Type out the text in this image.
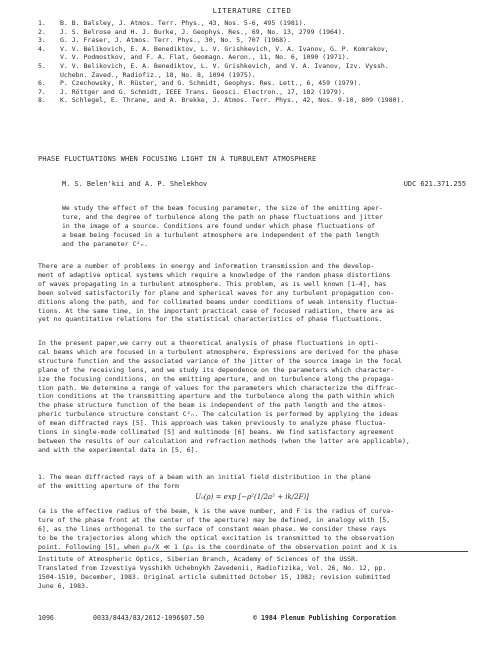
LITERATURE CITED
1. B. B. Balsley, J. Atmos. Terr. Phys., 43, Nos. 5-6, 495 (1981).
2. J. S. Belrose and H. J. Burke, J. Geophys. Res., 69, No. 13, 2799 (1964).
3. G. J. Fraser, J. Atmos. Terr. Phys., 30, No. 5, 707 (1968).
4. V. V. Belikovich, E. A. Benediktov, L. V. Grishkevich, V. A. Ivanov, G. P. Komrakov,
V. V. Podmostkov, and F. A. Flat, Geomagn. Aeron., 11, No. 6, 1090 (1971).
5. V. V. Belikovich, E. A. Benediktov, L. V. Grishkevich, and V. A. Ivanov, Izv. Vyssh.
Uchebn. Zaved., Radiofiz., 18, No. 8, 1094 (1975).
6. P. Czechowsky, R. Rüster, and G. Schmidt, Geophys. Res. Lett., 6, 459 (1979).
7. J. Röttger and G. Schmidt, IEEE Trans. Geosci. Electron., 17, 182 (1979).
8. K. Schlegel, E. Thrane, and A. Brekke, J. Atmos. Terr. Phys., 42, Nos. 9-10, 809 (1980).
PHASE FLUCTUATIONS WHEN FOCUSING LIGHT IN A TURBULENT ATMOSPHERE
M. S. Belen'kii and A. P. Shelekhov	UDC 621.371.255
We study the effect of the beam focusing parameter, the size of the emitting aper-
ture, and the degree of turbulence along the path on phase fluctuations and jitter
in the image of a source. Conditions are found under which phase fluctuations of
a beam being focused in a turbulent atmosphere are independent of the path length
and the parameter C²ₙ.
There are a number of problems in energy and information transmission and the develop-
ment of adaptive optical systems which require a knowledge of the random phase distortions
of waves propagating in a turbulent atmosphere. This problem, as is well known [1-4], has
been solved satisfactorily for plane and spherical waves for any turbulent propagation con-
ditions along the path, and for collimated beams under conditions of weak intensity fluctua-
tions. At the same time, in the important practical case of focused radiation, there are as
yet no quantitative relations for the statistical characteristics of phase fluctuations.
In the present paper,we carry out a theoretical analysis of phase fluctuations in opti-
cal beams which are focused in a turbulent atmosphere. Expressions are derived for the phase
structure function and the associated variance of the jitter of the source image in the focal
plane of the receiving lens, and we study its dependence on the parameters which character-
ize the focusing conditions, on the emitting aperture, and on turbulence along the propaga-
tion path. We determine a range of values for the parameters which characterize the diffrac-
tion conditions at the transmitting aperture and the turbulence along the path within which
the phase structure function of the beam is independent of the path length and the atmos-
pheric turbulence structure constant C²ₙ. The calculation is performed by applying the ideas
of mean diffracted rays [5]. This approach was taken previously to analyze phase fluctua-
tions in single-mode collimated [5] and multimode [6] beams. We find satisfactory agreement
between the results of our calculation and refraction methods (when the latter are applicable),
and with the experimental data in [5, 6].
1. The mean diffracted rays of a beam with an initial field distribution in the plane
of the emitting aperture of the form
U₀(ρ) = exp [−ρ²(1/2a² + ik/2F)]
(a is the effective radius of the beam, k is the wave number, and F is the radius of curva-
ture of the phase front at the center of the aperture) may be defined, in analogy with [5,
6], as the lines orthogonal to the surface of constant mean phase. We consider these rays
to be the trajectories along which the optical excitation is transmitted to the observation
point. Following [5], when ρ₀/X ≪ 1 (ρ₀ is the coordinate of the observation point and X is
Institute of Atmospheric Optics, Siberian Branch, Academy of Sciences of the USSR.
Translated from Izvestiya Vysshikh Uchebnykh Zavedenii, Radiofizika, Vol. 26, No. 12, pp.
1504-1510, December, 1983. Original article submitted October 15, 1982; revision submitted
June 6, 1983.
1096	0033/8443/83/2612-1096$07.50	© 1984 Plenum Publishing Corporation
